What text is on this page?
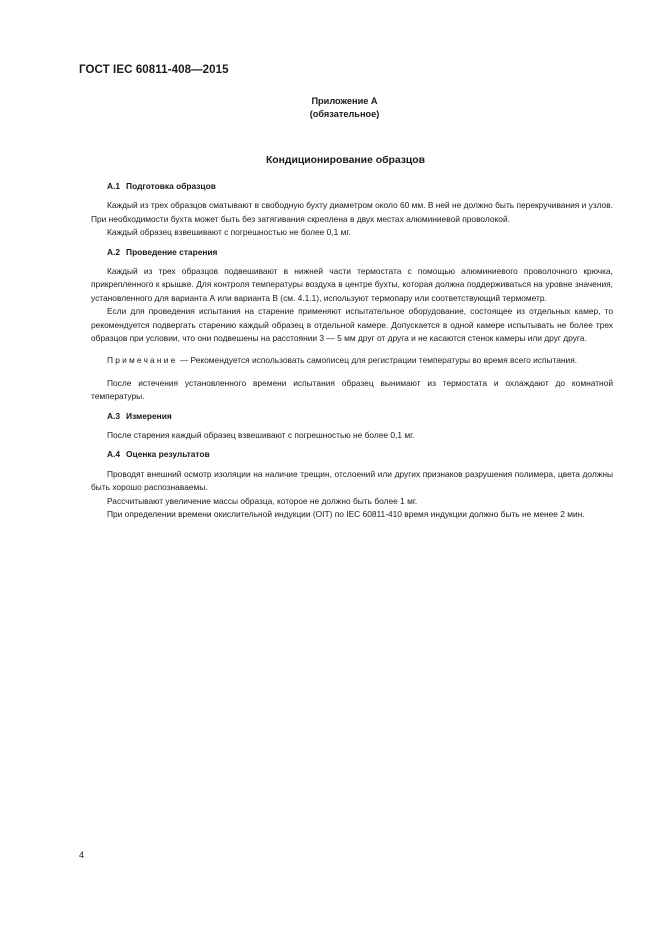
ГОСТ IEC 60811-408—2015
Приложение А
(обязательное)
Кондиционирование образцов
А.1 Подготовка образцов

Каждый из трех образцов сматывают в свободную бухту диаметром около 60 мм. В ней не должно быть перекручивания и узлов. При необходимости бухта может быть без затягивания скреплена в двух местах алюминиевой проволокой.

Каждый образец взвешивают с погрешностью не более 0,1 мг.

А.2 Проведение старения

Каждый из трех образцов подвешивают в нижней части термостата с помощью алюминиевого проволочного крючка, прикрепленного к крышке. Для контроля температуры воздуха в центре бухты, которая должна поддерживаться на уровне значения, установленного для варианта А или варианта В (см. 4.1.1), используют термопару или соответствующий термометр.

Если для проведения испытания на старение применяют испытательное оборудование, состоящее из отдельных камер, то рекомендуется подвергать старению каждый образец в отдельной камере. Допускается в одной камере испытывать не более трех образцов при условии, что они подвешены на расстоянии 3 — 5 мм друг от друга и не касаются стенок камеры или друг друга.

Примечание — Рекомендуется использовать самописец для регистрации температуры во время всего испытания.

После истечения установленного времени испытания образец вынимают из термостата и охлаждают до комнатной температуры.

А.3 Измерения

После старения каждый образец взвешивают с погрешностью не более 0,1 мг.

А.4 Оценка результатов

Проводят внешний осмотр изоляции на наличие трещин, отслоений или других признаков разрушения полимера, цвета должны быть хорошо распознаваемы.

Рассчитывают увеличение массы образца, которое не должно быть более 1 мг.

При определении времени окислительной индукции (OIT) по IEC 60811-410 время индукции должно быть не менее 2 мин.

4
